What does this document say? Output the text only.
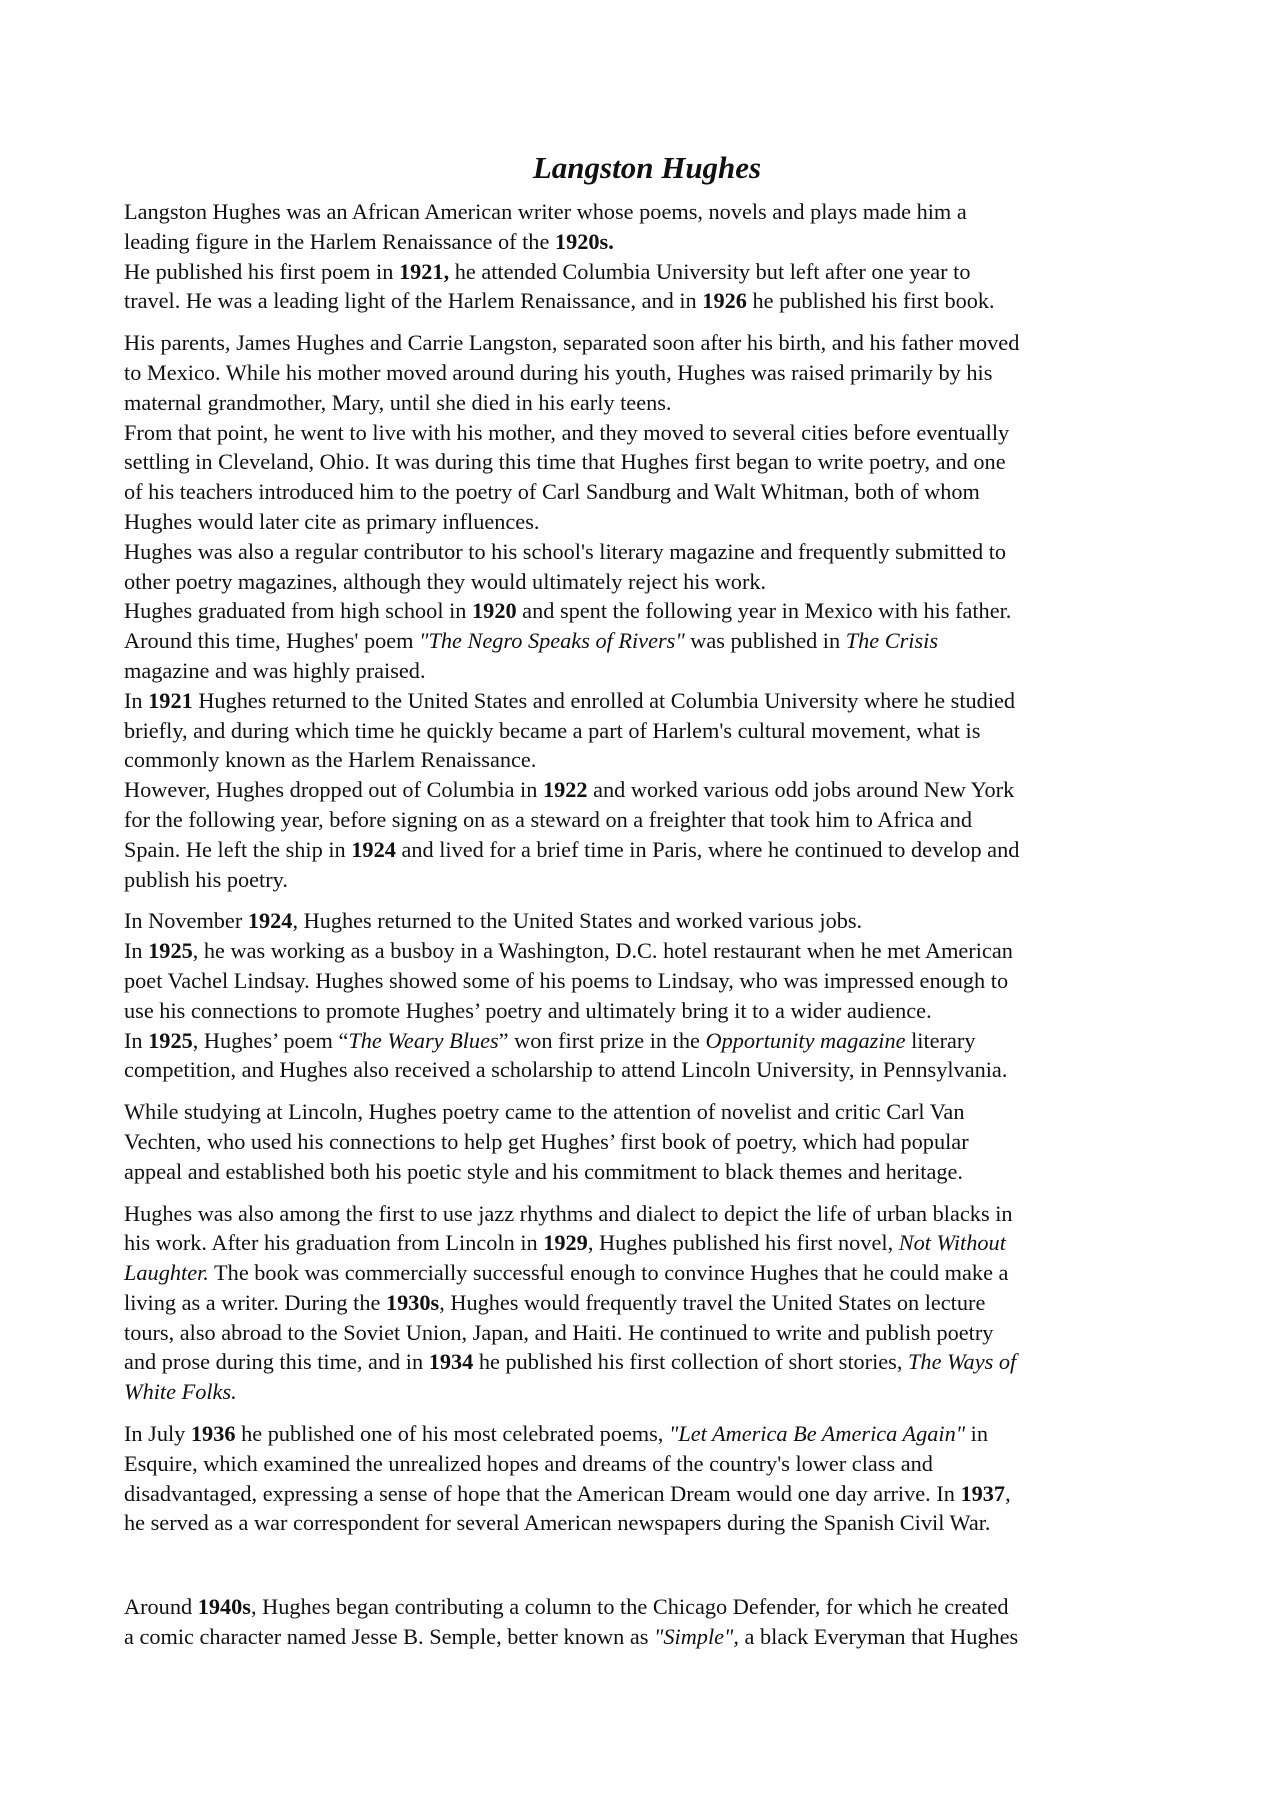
Langston Hughes
Langston Hughes was an African American writer whose poems, novels and plays made him a
leading figure in the Harlem Renaissance of the 1920s.
He published his first poem in 1921, he attended Columbia University but left after one year to
travel. He was a leading light of the Harlem Renaissance, and in 1926 he published his first book.
His parents, James Hughes and Carrie Langston, separated soon after his birth, and his father moved
to Mexico. While his mother moved around during his youth, Hughes was raised primarily by his
maternal grandmother, Mary, until she died in his early teens.
From that point, he went to live with his mother, and they moved to several cities before eventually
settling in Cleveland, Ohio. It was during this time that Hughes first began to write poetry, and one
of his teachers introduced him to the poetry of Carl Sandburg and Walt Whitman, both of whom
Hughes would later cite as primary influences.
Hughes was also a regular contributor to his school's literary magazine and frequently submitted to
other poetry magazines, although they would ultimately reject his work.
Hughes graduated from high school in 1920 and spent the following year in Mexico with his father.
Around this time, Hughes' poem "The Negro Speaks of Rivers" was published in The Crisis
magazine and was highly praised.
In 1921 Hughes returned to the United States and enrolled at Columbia University where he studied
briefly, and during which time he quickly became a part of Harlem's cultural movement, what is
commonly known as the Harlem Renaissance.
However, Hughes dropped out of Columbia in 1922 and worked various odd jobs around New York
for the following year, before signing on as a steward on a freighter that took him to Africa and
Spain. He left the ship in 1924 and lived for a brief time in Paris, where he continued to develop and
publish his poetry.
In November 1924, Hughes returned to the United States and worked various jobs.
In 1925, he was working as a busboy in a Washington, D.C. hotel restaurant when he met American
poet Vachel Lindsay. Hughes showed some of his poems to Lindsay, who was impressed enough to
use his connections to promote Hughes’ poetry and ultimately bring it to a wider audience.
In 1925, Hughes’ poem “The Weary Blues” won first prize in the Opportunity magazine literary
competition, and Hughes also received a scholarship to attend Lincoln University, in Pennsylvania.
While studying at Lincoln, Hughes poetry came to the attention of novelist and critic Carl Van
Vechten, who used his connections to help get Hughes’ first book of poetry, which had popular
appeal and established both his poetic style and his commitment to black themes and heritage.
Hughes was also among the first to use jazz rhythms and dialect to depict the life of urban blacks in
his work. After his graduation from Lincoln in 1929, Hughes published his first novel, Not Without
Laughter. The book was commercially successful enough to convince Hughes that he could make a
living as a writer. During the 1930s, Hughes would frequently travel the United States on lecture
tours, also abroad to the Soviet Union, Japan, and Haiti. He continued to write and publish poetry
and prose during this time, and in 1934 he published his first collection of short stories, The Ways of
White Folks.
In July 1936 he published one of his most celebrated poems, "Let America Be America Again" in
Esquire, which examined the unrealized hopes and dreams of the country's lower class and
disadvantaged, expressing a sense of hope that the American Dream would one day arrive. In 1937,
he served as a war correspondent for several American newspapers during the Spanish Civil War.
Around 1940s, Hughes began contributing a column to the Chicago Defender, for which he created
a comic character named Jesse B. Semple, better known as "Simple", a black Everyman that Hughes
